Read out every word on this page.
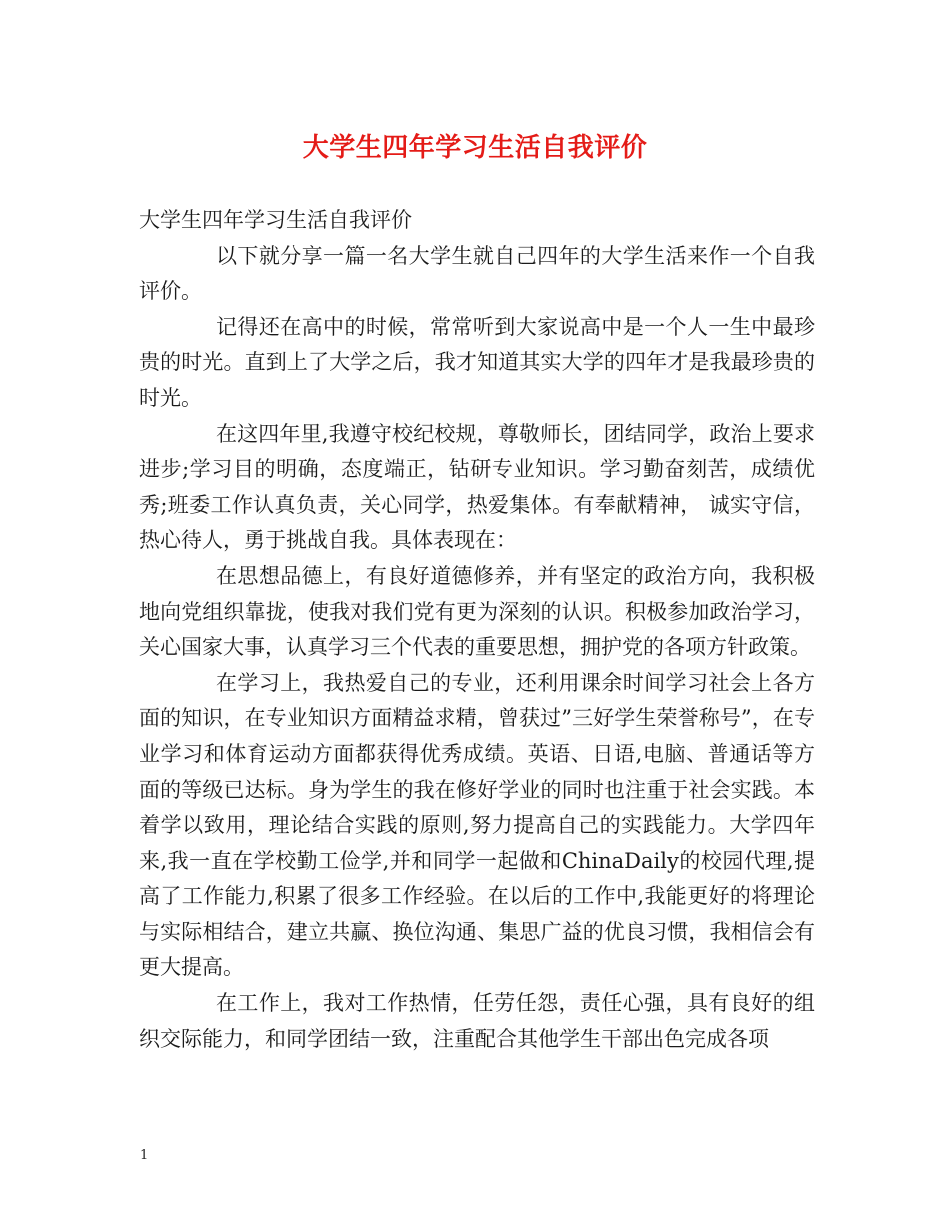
大学生四年学习生活自我评价

大学生四年学习生活自我评价

以下就分享一篇一名大学生就自己四年的大学生活来作一个自我评价。

记得还在高中的时候，常常听到大家说高中是一个人一生中最珍贵的时光。直到上了大学之后，我才知道其实大学的四年才是我最珍贵的时光。

在这四年里,我遵守校纪校规，尊敬师长，团结同学，政治上要求进步;学习目的明确，态度端正，钻研专业知识。学习勤奋刻苦，成绩优秀;班委工作认真负责，关心同学，热爱集体。有奉献精神， 诚实守信，热心待人，勇于挑战自我。具体表现在：

在思想品德上，有良好道德修养，并有坚定的政治方向，我积极地向党组织靠拢，使我对我们党有更为深刻的认识。积极参加政治学习，关心国家大事，认真学习三个代表的重要思想，拥护党的各项方针政策。

在学习上，我热爱自己的专业，还利用课余时间学习社会上各方面的知识，在专业知识方面精益求精，曾获过”三好学生荣誉称号”，在专业学习和体育运动方面都获得优秀成绩。英语、日语,电脑、普通话等方面的等级已达标。身为学生的我在修好学业的同时也注重于社会实践。本着学以致用，理论结合实践的原则,努力提高自己的实践能力。大学四年来,我一直在学校勤工俭学,并和同学一起做和ChinaDaily的校园代理,提高了工作能力,积累了很多工作经验。在以后的工作中,我能更好的将理论与实际相结合，建立共赢、换位沟通、集思广益的优良习惯，我相信会有更大提高。

在工作上，我对工作热情，任劳任怨，责任心强，具有良好的组织交际能力，和同学团结一致，注重配合其他学生干部出色完成各项

1
